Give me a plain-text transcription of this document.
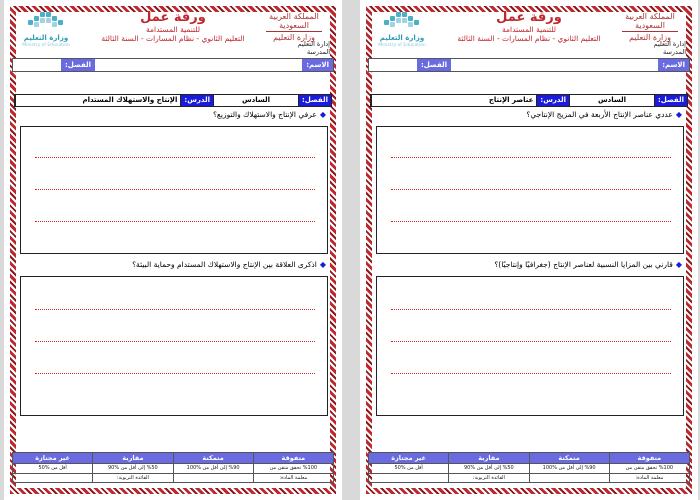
وزارة التعليم
Ministry of Education
ورقة عمل
للتنمية المستدامة
التعليم الثانوي - نظام المسارات - السنة الثالثة
المملكة العربية السعودية
وزارة التعليم
إدارة التعليم
المدرسة
الاسم:
الفصل:
الفصل:
السادس
الدرس:
الإنتاج والاستهلاك المستدام
◆عرفي الإنتاج والاستهلاك والتوزيع؟
◆اذكرى العلاقة بين الإنتاج والاستهلاك المستدام وحماية البيئة؟
متفوقة	متمكنة	مقاربة	غير مجتازة
%100 تحقق متقن من	%90 إلى أقل من %100	%50 إلى أقل من %90	أقل من %50
معلمة المادة:		القائدة التربوية:	
وزارة التعليم
Ministry of Education
ورقة عمل
للتنمية المستدامة
التعليم الثانوي - نظام المسارات - السنة الثالثة
المملكة العربية السعودية
وزارة التعليم
إدارة التعليم
المدرسة
الاسم:
الفصل:
الفصل:
السادس
الدرس:
عناصر الإنتاج
◆عددي عناصر الإنتاج الأربعة في المزيج الإنتاجي؟
◆قارني بين المزايا النسبية لعناصر الإنتاج (جغرافيًا وإنتاجيًا)؟
متفوقة	متمكنة	مقاربة	غير مجتازة
%100 تحقق متقن من	%90 إلى أقل من %100	%50 إلى أقل من %90	أقل من %50
معلمة المادة:		القائدة التربوية:	
